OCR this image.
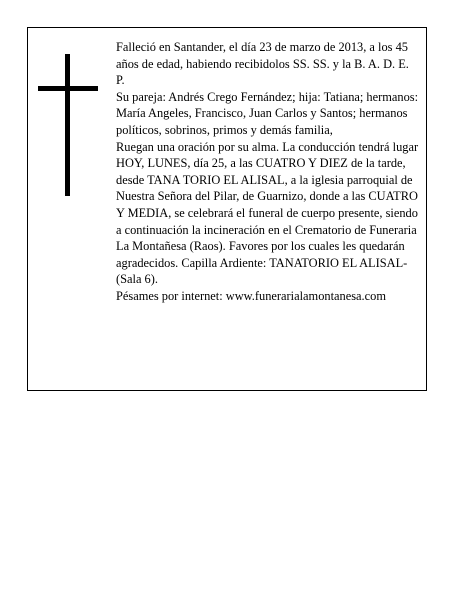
Falleció en Santander, el día 23 de marzo de 2013, a los 45 años de edad, habiendo recibidolos SS. SS. y la B. A. D. E. P.

Su pareja: Andrés Crego Fernández; hija: Tatiana; hermanos: María Angeles, Francisco, Juan Carlos y Santos; hermanos políticos, sobrinos, primos y demás familia,

Ruegan una oración por su alma. La conducción tendrá lugar HOY, LUNES, día 25, a las CUATRO Y DIEZ de la tarde, desde TANA TORIO EL ALISAL, a la iglesia parroquial de Nuestra Señora del Pilar, de Guarnizo, donde a las CUATRO Y MEDIA, se celebrará el funeral de cuerpo presente, siendo a continuación la incineración en el Crematorio de Funeraria La Montañesa (Raos). Favores por los cuales les quedarán agradecidos. Capilla Ardiente: TANATORIO EL ALISAL-(Sala 6).

Pésames por internet: www.funerarialamontanesa.com
